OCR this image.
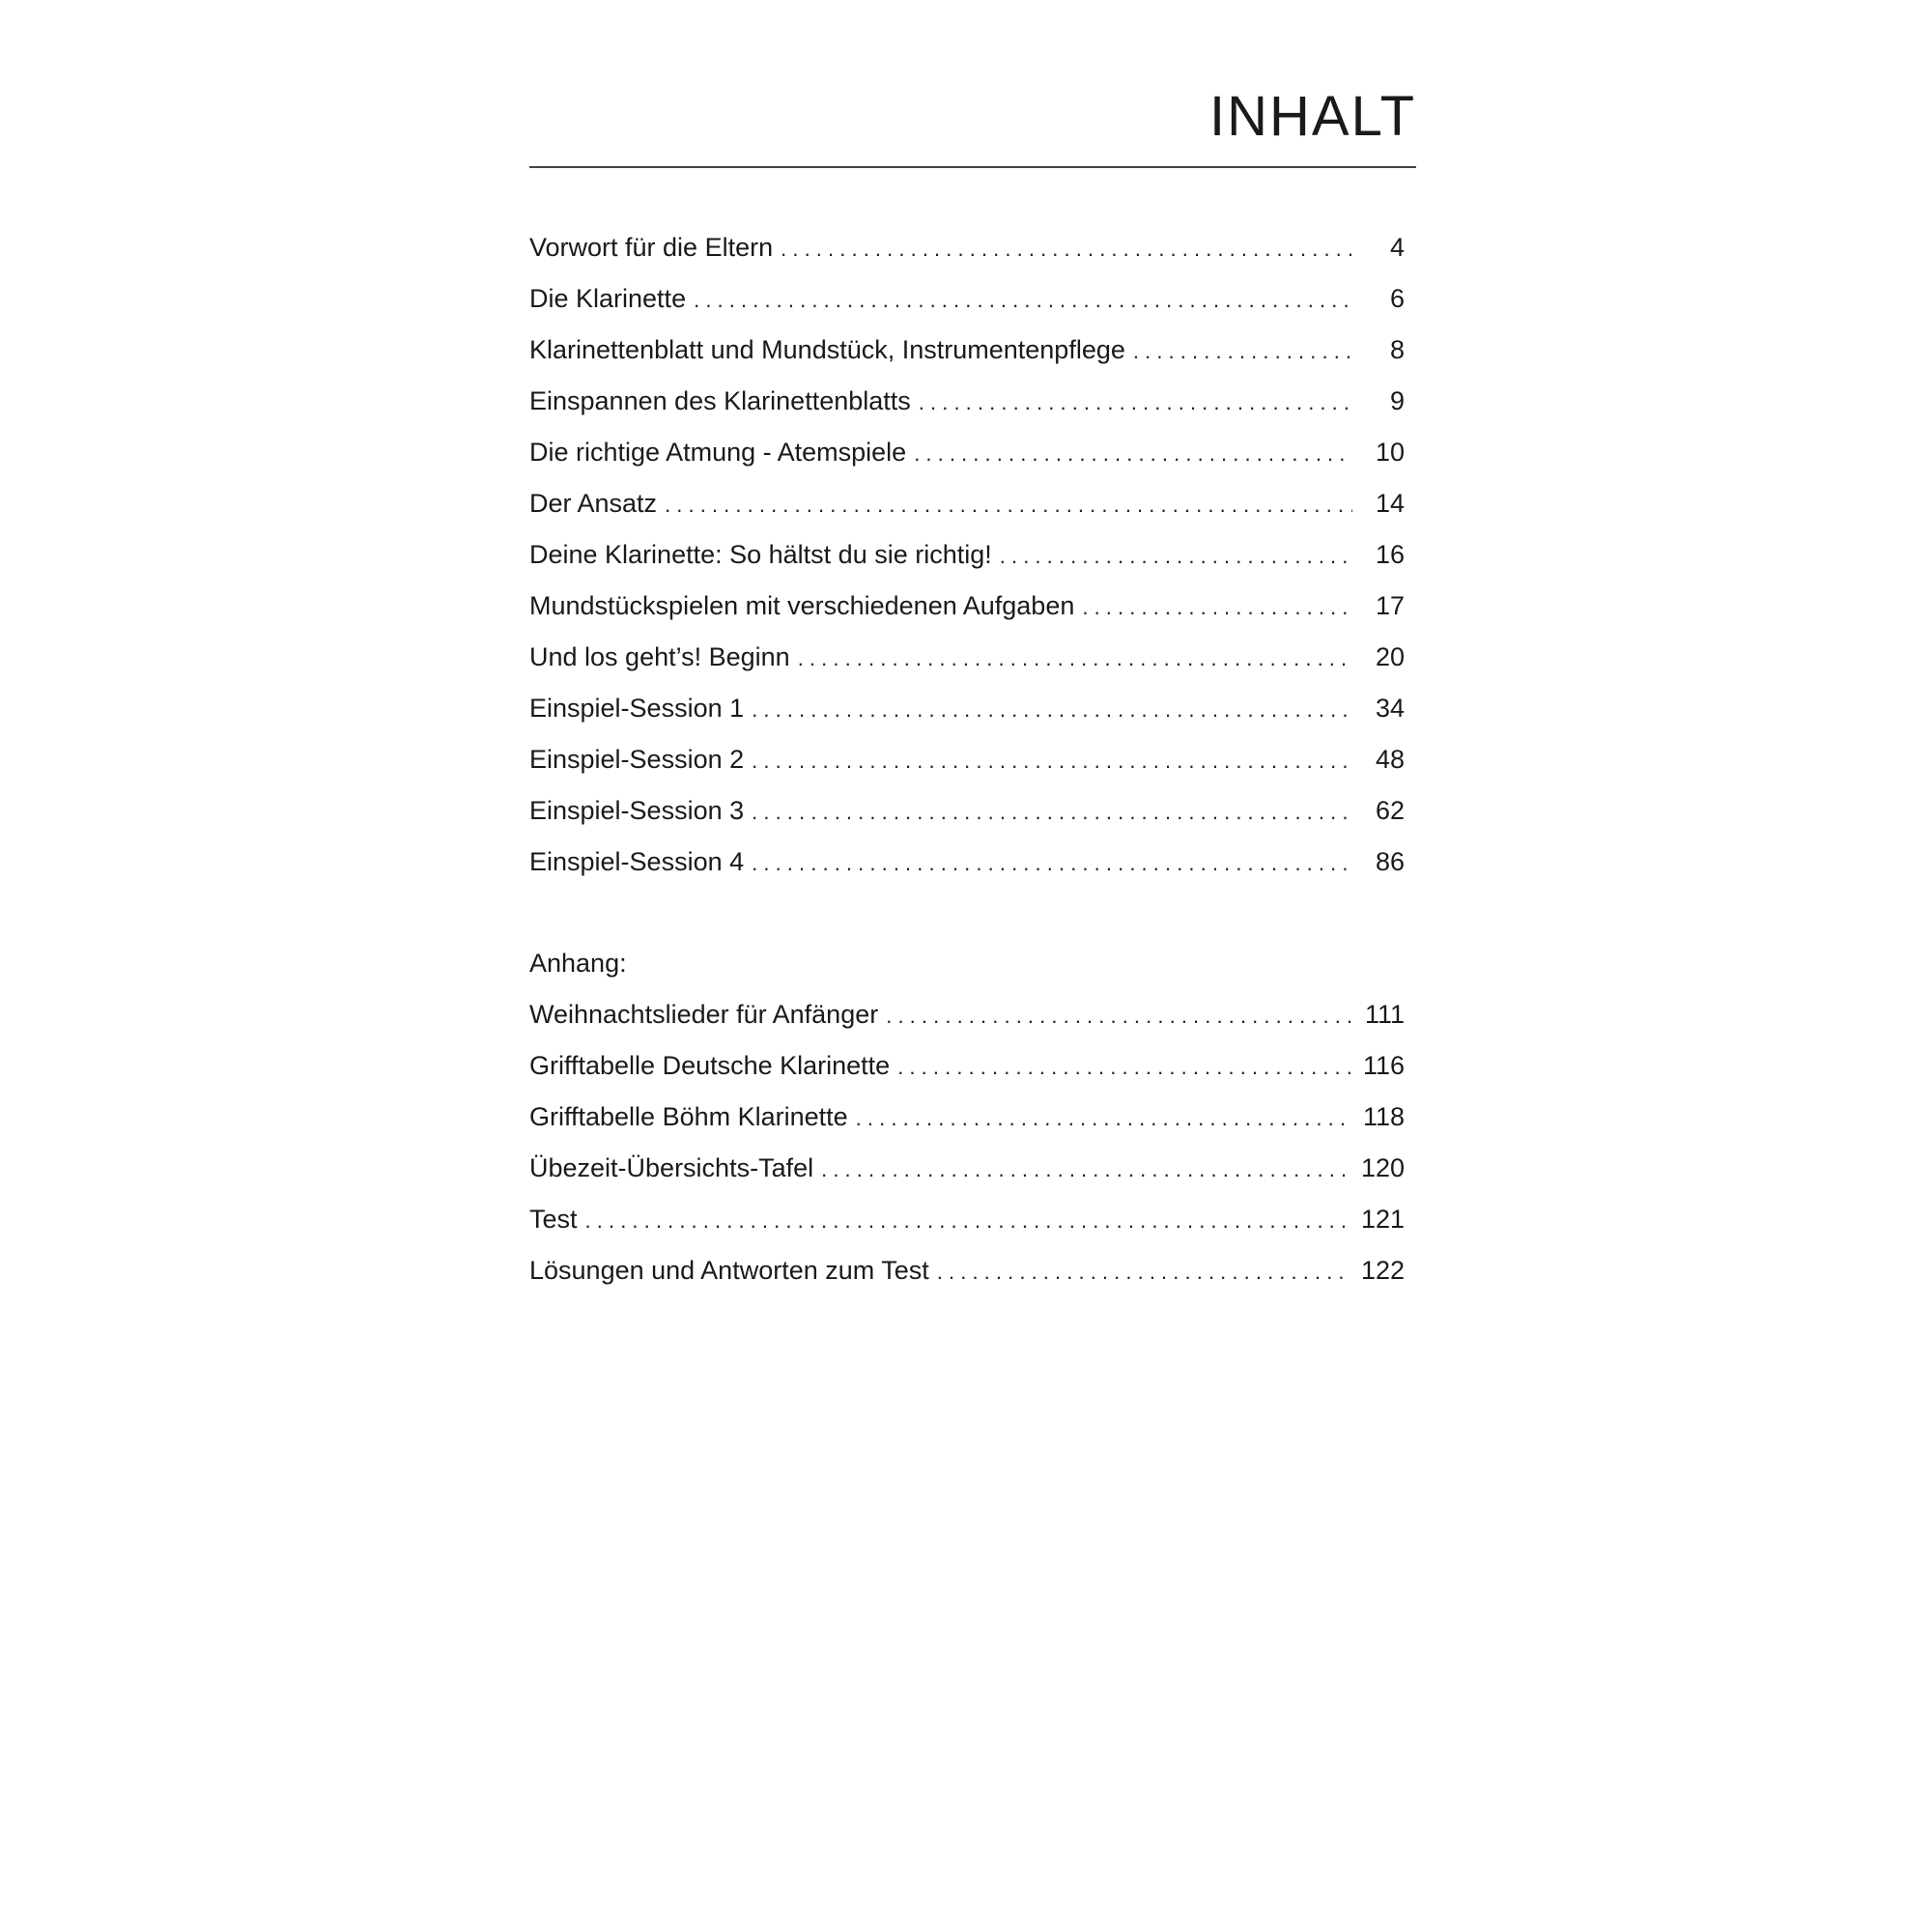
INHALT
Vorwort für die Eltern . . .	4
Die Klarinette . . .	6
Klarinettenblatt und Mundstück, Instrumentenpflege . . .	8
Einspannen des Klarinettenblatts . . .	9
Die richtige Atmung - Atemspiele . . .	10
Der Ansatz . . .	14
Deine Klarinette: So hältst du sie richtig! . . .	16
Mundstückspielen mit verschiedenen Aufgaben . . .	17
Und los geht’s! Beginn . . .	20
Einspiel-Session 1 . . .	34
Einspiel-Session 2 . . .	48
Einspiel-Session 3 . . .	62
Einspiel-Session 4 . . .	86
Anhang:
Weihnachtslieder für Anfänger . . .	111
Grifftabelle Deutsche Klarinette . . .	116
Grifftabelle Böhm Klarinette . . .	118
Übezeit-Übersichts-Tafel . . .	120
Test . . .	121
Lösungen und Antworten zum Test . . .	122
